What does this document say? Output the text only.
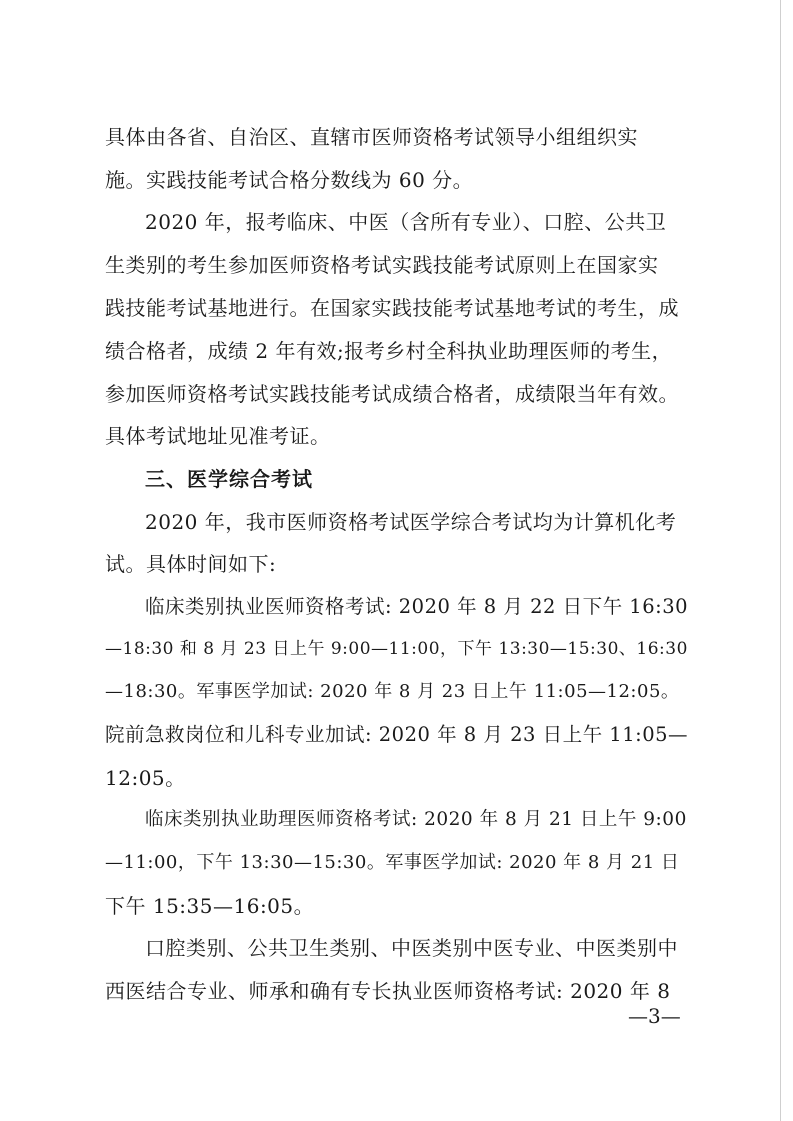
具体由各省、自治区、直辖市医师资格考试领导小组组织实
施。实践技能考试合格分数线为 60 分。
2020 年，报考临床、中医（含所有专业）、口腔、公共卫
生类别的考生参加医师资格考试实践技能考试原则上在国家实
践技能考试基地进行。在国家实践技能考试基地考试的考生，成
绩合格者，成绩 2 年有效;报考乡村全科执业助理医师的考生，
参加医师资格考试实践技能考试成绩合格者，成绩限当年有效。
具体考试地址见准考证。
三、医学综合考试
2020 年，我市医师资格考试医学综合考试均为计算机化考
试。具体时间如下:
临床类别执业医师资格考试: 2020 年 8 月 22 日下午 16:30
—18:30 和 8 月 23 日上午 9:00—11:00，下午 13:30—15:30、16:30
—18:30。军事医学加试: 2020 年 8 月 23 日上午 11:05—12:05。
院前急救岗位和儿科专业加试: 2020 年 8 月 23 日上午 11:05—
12:05。
临床类别执业助理医师资格考试: 2020 年 8 月 21 日上午 9:00
—11:00，下午 13:30—15:30。军事医学加试: 2020 年 8 月 21 日
下午 15:35—16:05。
口腔类别、公共卫生类别、中医类别中医专业、中医类别中
西医结合专业、师承和确有专长执业医师资格考试: 2020 年 8
—3—
